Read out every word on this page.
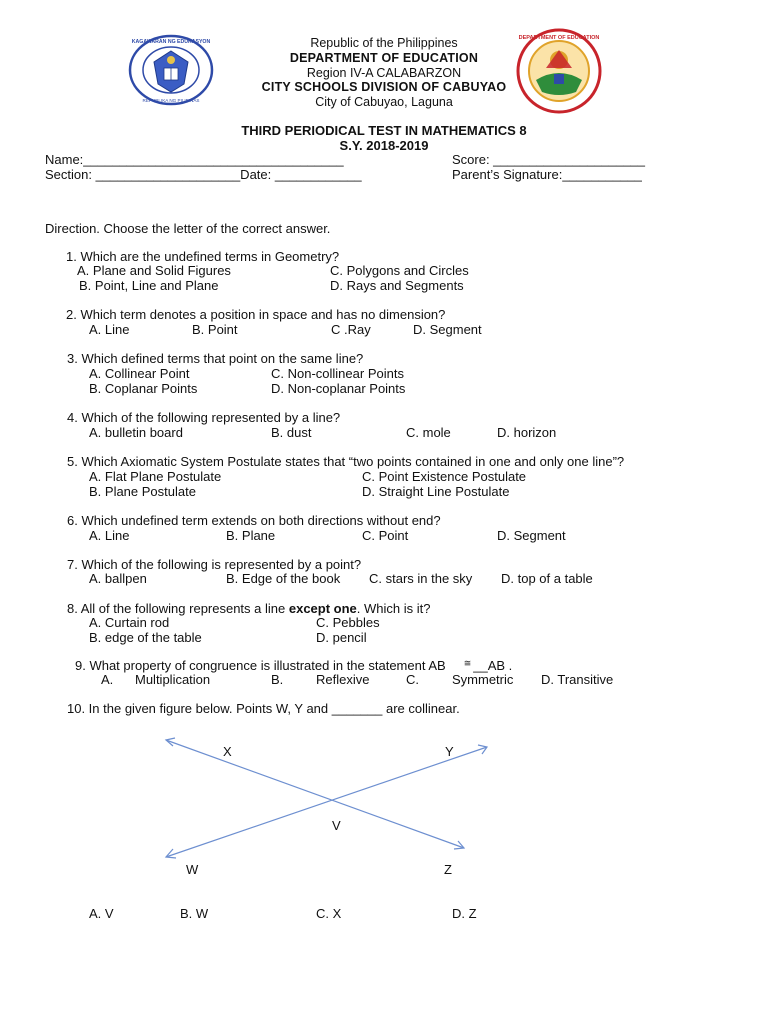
KAGAWARAN NG EDUKASYON
REPUBLIKA NG PILIPINAS
DEPARTMENT OF EDUCATION
Republic of the Philippines
DEPARTMENT OF EDUCATION
Region IV-A CALABARZON
CITY SCHOOLS DIVISION OF CABUYAO
City of Cabuyao, Laguna
THIRD PERIODICAL TEST IN MATHEMATICS 8
S.Y. 2018-2019
Name:____________________________________	Score: _____________________
Section: ____________________Date: ____________	Parent’s Signature:___________
Direction. Choose the letter of the correct answer.
1. Which are the undefined terms in Geometry?
A. Plane and Solid Figures	C. Polygons and Circles
B. Point, Line and Plane	D. Rays and Segments
2. Which term denotes a position in space and has no dimension?
A. Line	B. Point	C .Ray	D. Segment
3. Which defined terms that point on the same line?
A. Collinear Point	C. Non-collinear Points
B. Coplanar Points	D. Non-coplanar Points
4. Which of the following represented by a line?
A. bulletin board	B. dust	C. mole	D. horizon
5. Which Axiomatic System Postulate states that “two points contained in one and only one line”?
A. Flat Plane Postulate	C. Point Existence Postulate
B. Plane Postulate	D. Straight Line Postulate
6. Which undefined term extends on both directions without end?
A. Line	B. Plane	C. Point	D. Segment
7. Which of the following is represented by a point?
A. ballpen	B. Edge of the book C. stars in the sky D. top of a table
8. All of the following represents a line except one. Which is it?
A. Curtain rod	C. Pebbles
B. edge of the table	D. pencil
9. What property of congruence is illustrated in the statement AB ≅ __AB .
A. Multiplication	B.	Reflexive	C.	Symmetric D. Transitive
10. In the given figure below. Points W, Y and _______ are collinear.
X	Y
V
W	Z
A. V	B. W	C. X	D. Z
